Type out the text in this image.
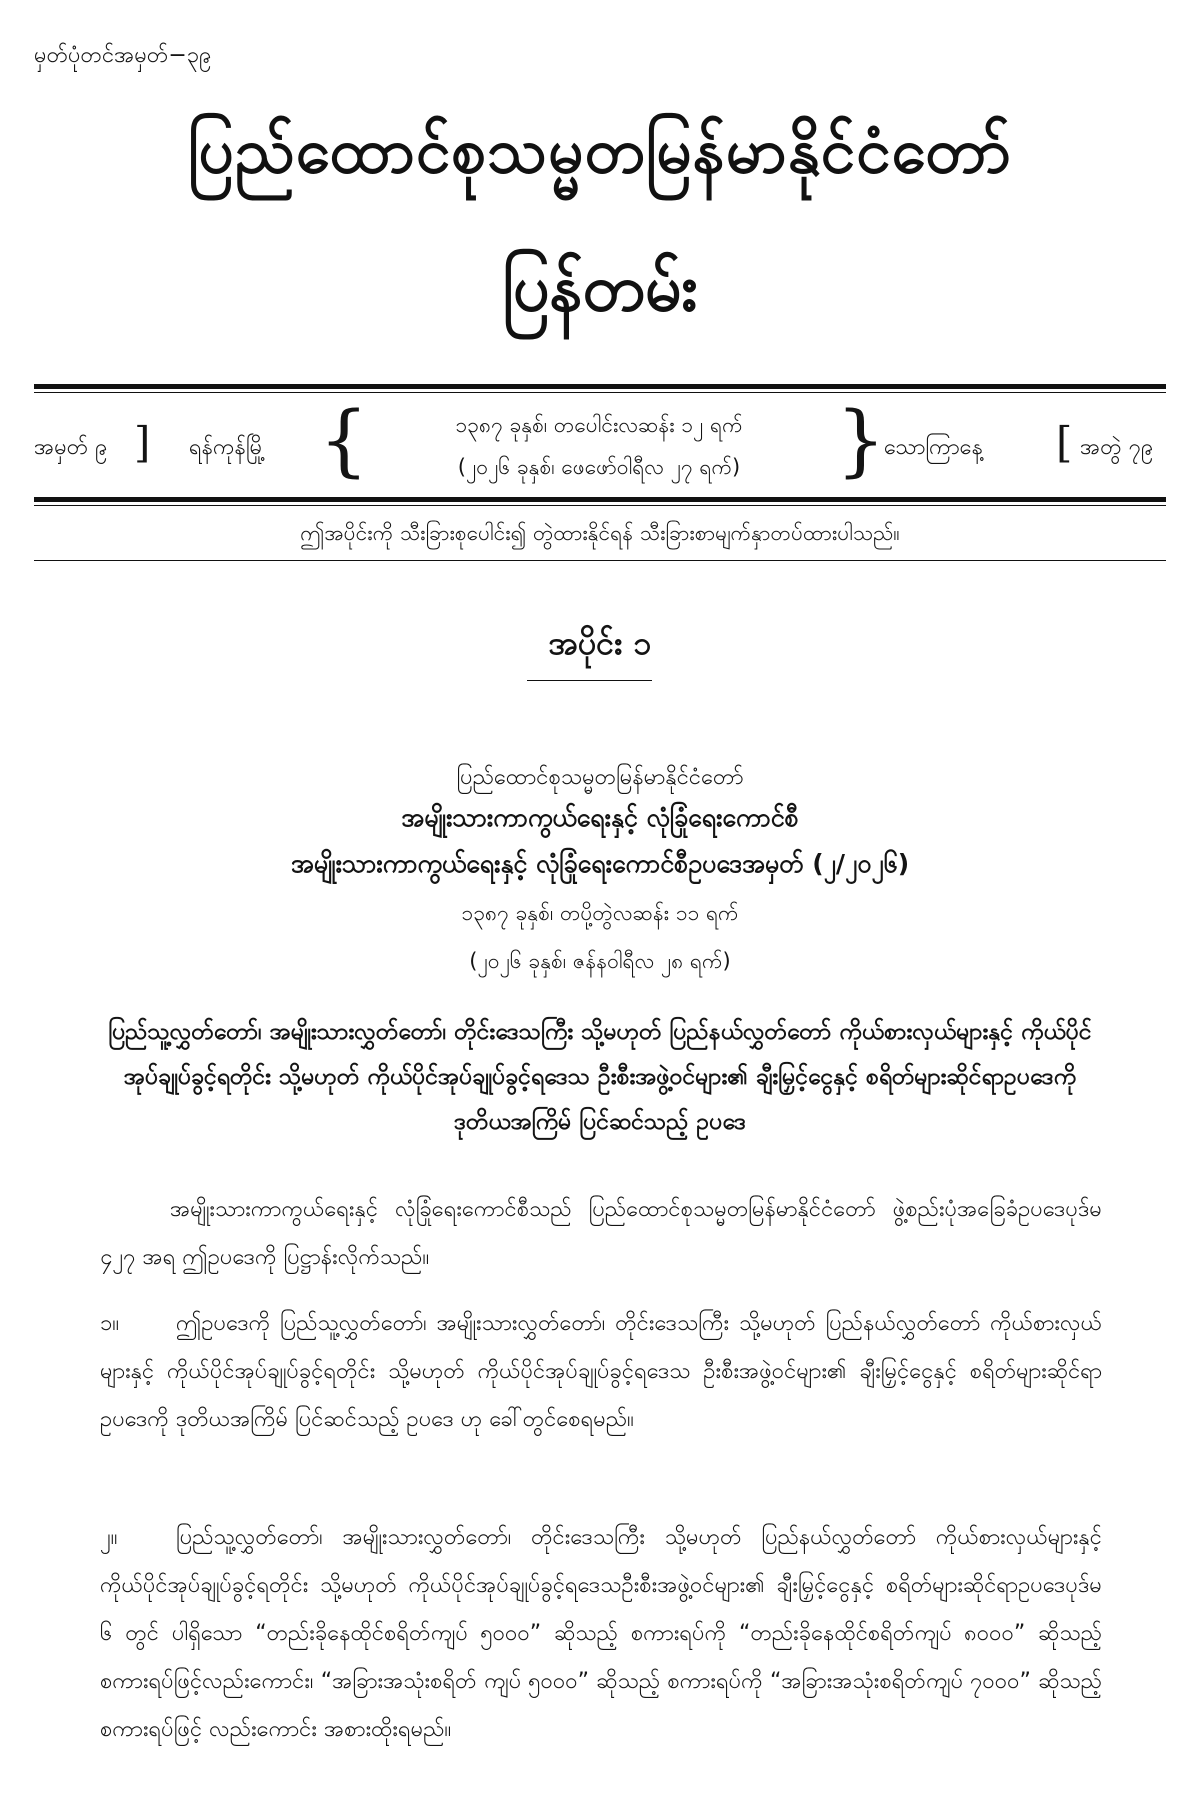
မှတ်ပုံတင်အမှတ်−၃၉
ပြည်ထောင်စုသမ္မတမြန်မာနိုင်ငံတော်
ပြန်တမ်း
အမှတ် ၉ ] ရန်ကုန်မြို့ {	၁၃၈၇ ခုနှစ်၊ တပေါင်းလဆန်း ၁၂ ရက်
(၂၀၂၆ ခုနှစ်၊ ဖေဖော်ဝါရီလ ၂၇ ရက်)	}
သောကြာနေ့ [ အတွဲ ၇၉
ဤအပိုင်းကို သီးခြားစုပေါင်း၍ တွဲထားနိုင်ရန် သီးခြားစာမျက်နှာတပ်ထားပါသည်။
အပိုင်း ၁
ပြည်ထောင်စုသမ္မတမြန်မာနိုင်ငံတော်
အမျိုးသားကာကွယ်ရေးနှင့် လုံခြုံရေးကောင်စီ
အမျိုးသားကာကွယ်ရေးနှင့် လုံခြုံရေးကောင်စီဥပဒေအမှတ် (၂/၂၀၂၆)
၁၃၈၇ ခုနှစ်၊ တပို့တွဲလဆန်း ၁၁ ရက်
(၂၀၂၆ ခုနှစ်၊ ဇန်နဝါရီလ ၂၈ ရက်)
ပြည်သူ့လွှတ်တော်၊ အမျိုးသားလွှတ်တော်၊ တိုင်းဒေသကြီး သို့မဟုတ် ပြည်နယ်လွှတ်တော် ကိုယ်စားလှယ်များနှင့် ကိုယ်ပိုင်အုပ်ချုပ်ခွင့်ရတိုင်း သို့မဟုတ် ကိုယ်ပိုင်အုပ်ချုပ်ခွင့်ရဒေသ ဦးစီးအဖွဲ့ဝင်များ၏ ချီးမြှင့်ငွေနှင့် စရိတ်များဆိုင်ရာဥပဒေကို ဒုတိယအကြိမ် ပြင်ဆင်သည့် ဥပဒေ
အမျိုးသားကာကွယ်ရေးနှင့် လုံခြုံရေးကောင်စီသည် ပြည်ထောင်စုသမ္မတမြန်မာနိုင်ငံတော် ဖွဲ့စည်းပုံအခြေခံဥပဒေပုဒ်မ ၄၂၇ အရ ဤဥပဒေကို ပြဋ္ဌာန်းလိုက်သည်။
၁။	ဤဥပဒေကို ပြည်သူ့လွှတ်တော်၊ အမျိုးသားလွှတ်တော်၊ တိုင်းဒေသကြီး သို့မဟုတ် ပြည်နယ်လွှတ်တော် ကိုယ်စားလှယ်များနှင့် ကိုယ်ပိုင်အုပ်ချုပ်ခွင့်ရတိုင်း သို့မဟုတ် ကိုယ်ပိုင်အုပ်ချုပ်ခွင့်ရဒေသ ဦးစီးအဖွဲ့ဝင်များ၏ ချီးမြှင့်ငွေနှင့် စရိတ်များဆိုင်ရာဥပဒေကို ဒုတိယအကြိမ် ပြင်ဆင်သည့် ဥပဒေ ဟု ခေါ်တွင်စေရမည်။
၂။	ပြည်သူ့လွှတ်တော်၊ အမျိုးသားလွှတ်တော်၊ တိုင်းဒေသကြီး သို့မဟုတ် ပြည်နယ်လွှတ်တော် ကိုယ်စားလှယ်များနှင့် ကိုယ်ပိုင်အုပ်ချုပ်ခွင့်ရတိုင်း သို့မဟုတ် ကိုယ်ပိုင်အုပ်ချုပ်ခွင့်ရဒေသဦးစီးအဖွဲ့ဝင်များ၏ ချီးမြှင့်ငွေနှင့် စရိတ်များဆိုင်ရာဥပဒေပုဒ်မ ၆ တွင် ပါရှိသော “တည်းခိုနေထိုင်စရိတ်ကျပ် ၅၀၀၀” ဆိုသည့် စကားရပ်ကို “တည်းခိုနေထိုင်စရိတ်ကျပ် ၈၀၀၀” ဆိုသည့် စကားရပ်ဖြင့်လည်းကောင်း၊ “အခြားအသုံးစရိတ် ကျပ် ၅၀၀၀” ဆိုသည့် စကားရပ်ကို “အခြားအသုံးစရိတ်ကျပ် ၇၀၀၀” ဆိုသည့် စကားရပ်ဖြင့် လည်းကောင်း အစားထိုးရမည်။
